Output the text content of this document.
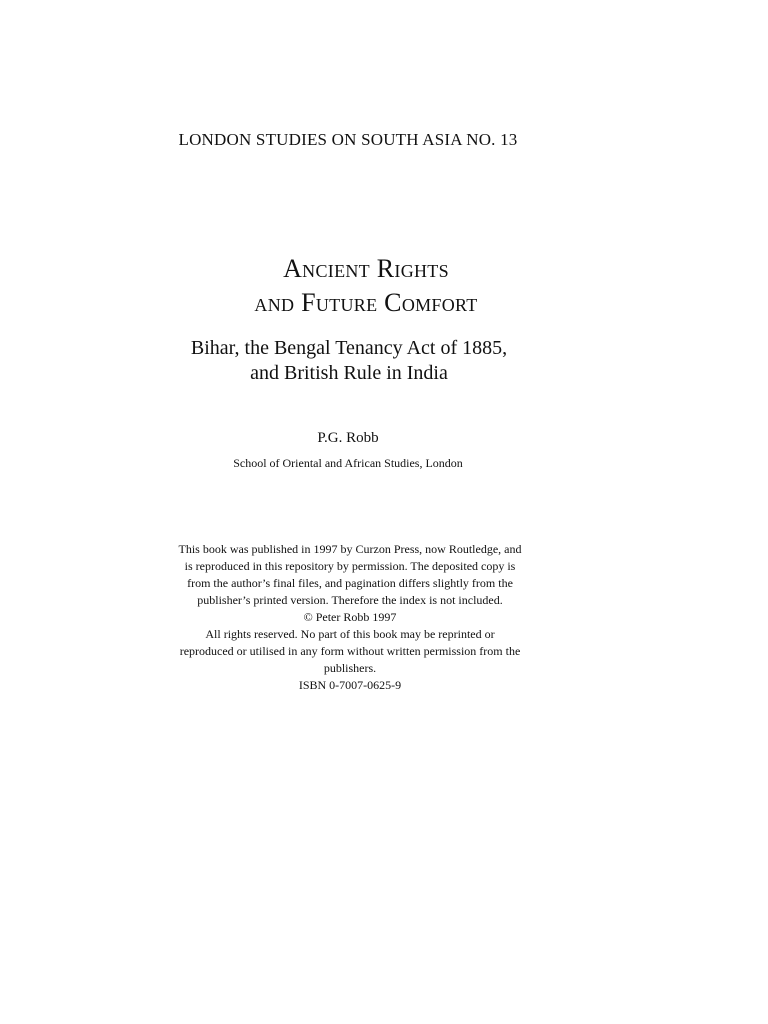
LONDON STUDIES ON SOUTH ASIA NO. 13
Ancient Rights
and Future Comfort
Bihar, the Bengal Tenancy Act of 1885,
and British Rule in India
P.G. Robb
School of Oriental and African Studies, London
This book was published in 1997 by Curzon Press, now Routledge, and
is reproduced in this repository by permission. The deposited copy is
from the author’s final files, and pagination differs slightly from the
publisher’s printed version. Therefore the index is not included.
© Peter Robb 1997
All rights reserved. No part of this book may be reprinted or
reproduced or utilised in any form without written permission from the
publishers.
ISBN 0-7007-0625-9
